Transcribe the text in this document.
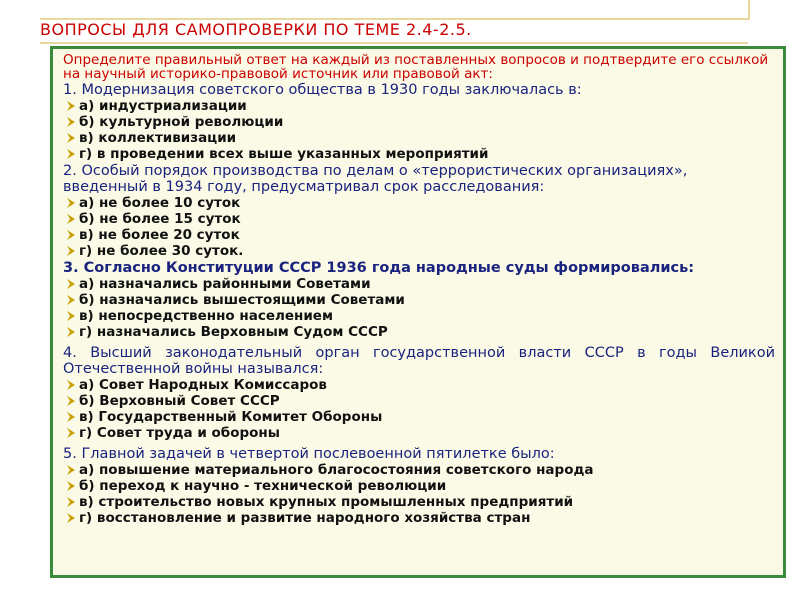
ВОПРОСЫ ДЛЯ САМОПРОВЕРКИ ПО ТЕМЕ 2.4-2.5.

Определите правильный ответ на каждый из поставленных вопросов и подтвердите его ссылкой на научный историко-правовой источник или правовой акт:

1. Модернизация советского общества в 1930 годы заключалась в:

а) индустриализации
б) культурной революции
в) коллективизации
г) в проведении всех выше указанных мероприятий

2. Особый порядок производства по делам о «террористических организациях», введенный в 1934 году, предусматривал срок расследования:

а) не более 10 суток
б) не более 15 суток
в) не более 20 суток
г) не более 30 суток.

3. Согласно Конституции СССР 1936 года народные суды формировались:

а) назначались районными Советами
б) назначались вышестоящими Советами
в) непосредственно населением
г) назначались Верховным Судом СССР

4. Высший законодательный орган государственной власти СССР в годы Великой Отечественной войны назывался:

а) Совет Народных Комиссаров
б) Верховный Совет СССР
в) Государственный Комитет Обороны
г) Совет труда и обороны

5. Главной задачей в четвертой послевоенной пятилетке было:

а) повышение материального благосостояния советского народа
б) переход к научно - технической революции
в) строительство новых крупных промышленных предприятий
г) восстановление и развитие народного хозяйства стран
